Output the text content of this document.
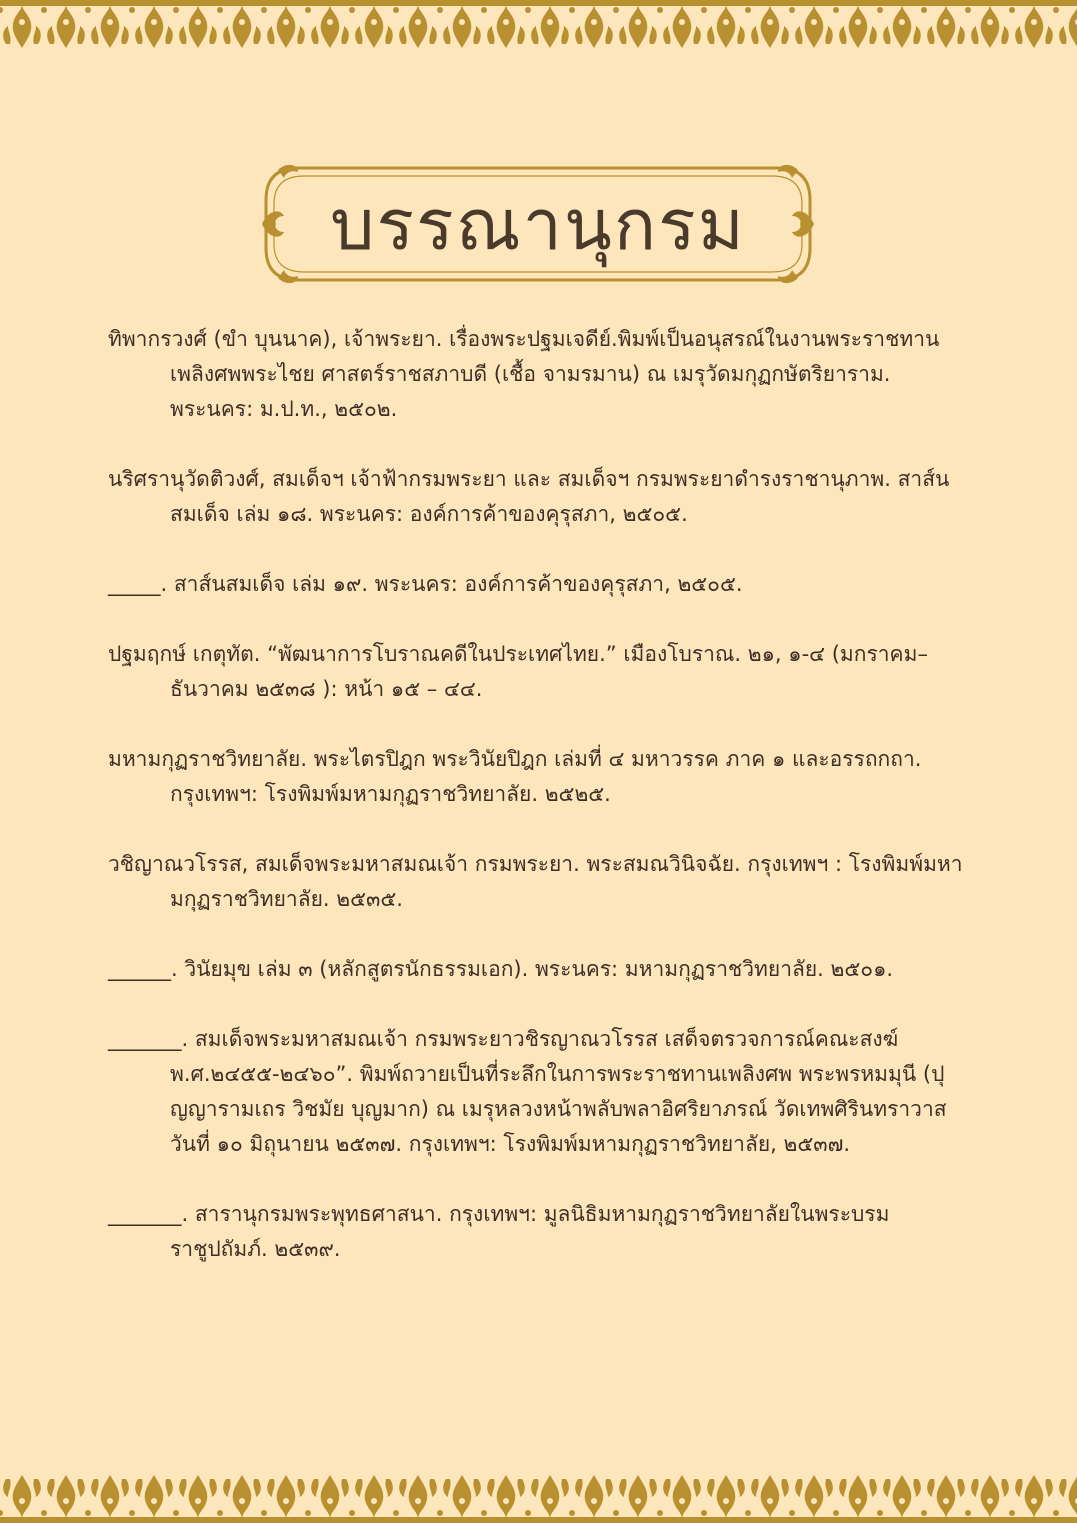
บรรณานุกรม

ทิพากรวงศ์ (ขำ บุนนาค), เจ้าพระยา. เรื่องพระปฐมเจดีย์.พิมพ์เป็นอนุสรณ์ในงานพระราชทานเพลิงศพพระไชย ศาสตร์ราชสภาบดี (เชื้อ จามรมาน) ณ เมรุวัดมกุฏกษัตริยาราม. พระนคร: ม.ป.ท., ๒๕๐๒.

นริศรานุวัดติวงศ์, สมเด็จฯ เจ้าฟ้ากรมพระยา และ สมเด็จฯ กรมพระยาดำรงราชานุภาพ. สาส์นสมเด็จ เล่ม ๑๘. พระนคร: องค์การค้าของคุรุสภา, ๒๕๐๕.

_____. สาส์นสมเด็จ เล่ม ๑๙. พระนคร: องค์การค้าของคุรุสภา, ๒๕๐๕.

ปฐมฤกษ์ เกตุทัต. “พัฒนาการโบราณคดีในประเทศไทย.” เมืองโบราณ. ๒๑, ๑-๔ (มกราคม–ธันวาคม ๒๕๓๘ ): หน้า ๑๕ – ๔๔.

มหามกุฏราชวิทยาลัย. พระไตรปิฎก พระวินัยปิฎก เล่มที่ ๔ มหาวรรค ภาค ๑ และอรรถกถา. กรุงเทพฯ: โรงพิมพ์มหามกุฏราชวิทยาลัย. ๒๕๒๕.

วชิญาณวโรรส, สมเด็จพระมหาสมณเจ้า กรมพระยา. พระสมณวินิจฉัย. กรุงเทพฯ : โรงพิมพ์มหามกุฏราชวิทยาลัย. ๒๕๓๕.

______. วินัยมุข เล่ม ๓ (หลักสูตรนักธรรมเอก). พระนคร: มหามกุฏราชวิทยาลัย. ๒๕๐๑.

_______. สมเด็จพระมหาสมณเจ้า กรมพระยาวชิรญาณวโรรส เสด็จตรวจการณ์คณะสงฆ์ พ.ศ.๒๔๕๕-๒๔๖๐”. พิมพ์ถวายเป็นที่ระลึกในการพระราชทานเพลิงศพ พระพรหมมุนี (ปุญญารามเถร วิชมัย บุญมาก) ณ เมรุหลวงหน้าพลับพลาอิศริยาภรณ์ วัดเทพศิรินทราวาส วันที่ ๑๐ มิถุนายน ๒๕๓๗. กรุงเทพฯ: โรงพิมพ์มหามกุฏราชวิทยาลัย, ๒๕๓๗.

_______. สารานุกรมพระพุทธศาสนา. กรุงเทพฯ: มูลนิธิมหามกุฏราชวิทยาลัยในพระบรมราชูปถัมภ์. ๒๕๓๙.
